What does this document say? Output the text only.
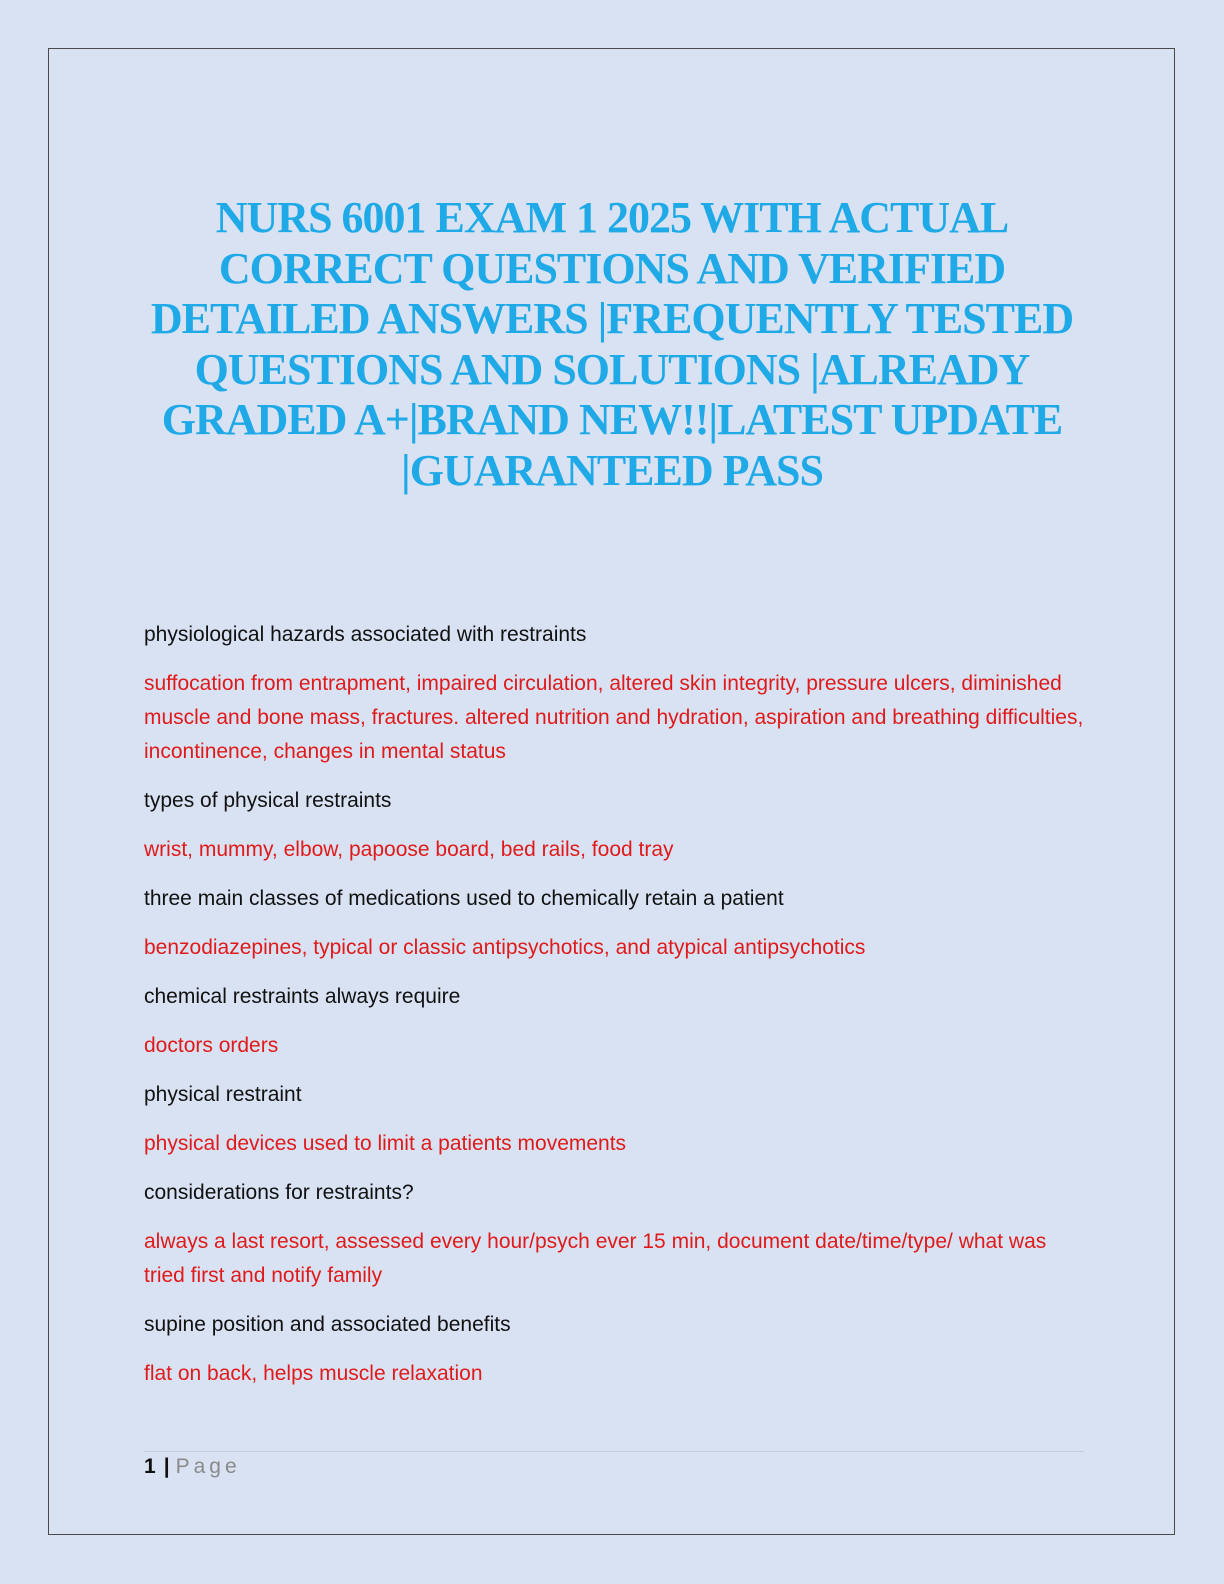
NURS 6001 EXAM 1 2025 WITH ACTUAL CORRECT QUESTIONS AND VERIFIED DETAILED ANSWERS |FREQUENTLY TESTED QUESTIONS AND SOLUTIONS |ALREADY GRADED A+|BRAND NEW!!|LATEST UPDATE |GUARANTEED PASS

physiological hazards associated with restraints

suffocation from entrapment, impaired circulation, altered skin integrity, pressure ulcers, diminished muscle and bone mass, fractures. altered nutrition and hydration, aspiration and breathing difficulties, incontinence, changes in mental status

types of physical restraints

wrist, mummy, elbow, papoose board, bed rails, food tray

three main classes of medications used to chemically retain a patient

benzodiazepines, typical or classic antipsychotics, and atypical antipsychotics

chemical restraints always require

doctors orders

physical restraint

physical devices used to limit a patients movements

considerations for restraints?

always a last resort, assessed every hour/psych ever 15 min, document date/time/type/ what was tried first and notify family

supine position and associated benefits

flat on back, helps muscle relaxation

1 | Page
